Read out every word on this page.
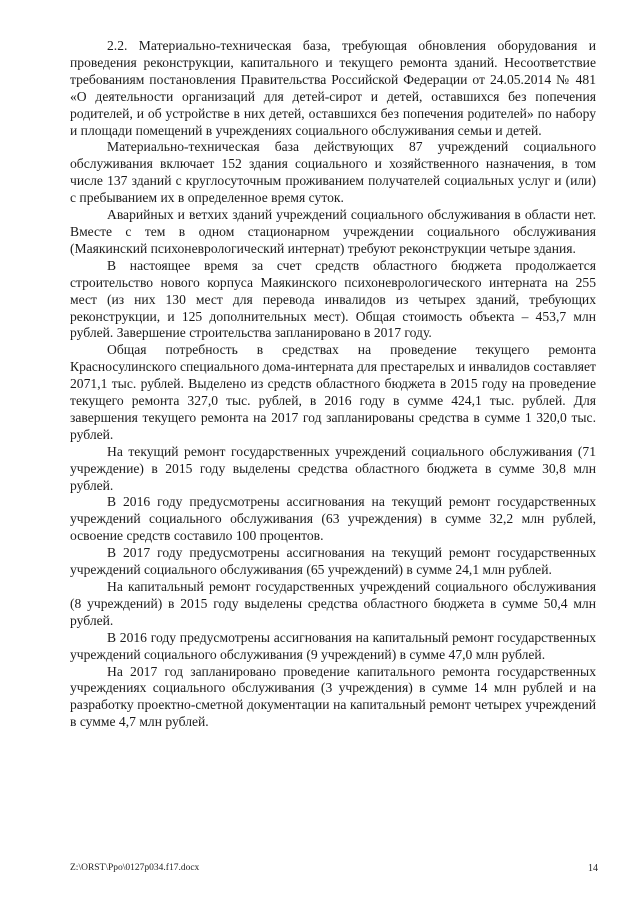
2.2. Материально-техническая база, требующая обновления оборудования и проведения реконструкции, капитального и текущего ремонта зданий. Несоответствие требованиям постановления Правительства Российской Федерации от 24.05.2014 № 481 «О деятельности организаций для детей-сирот и детей, оставшихся без попечения родителей, и об устройстве в них детей, оставшихся без попечения родителей» по набору и площади помещений в учреждениях социального обслуживания семьи и детей.

Материально-техническая база действующих 87 учреждений социального обслуживания включает 152 здания социального и хозяйственного назначения, в том числе 137 зданий с круглосуточным проживанием получателей социальных услуг и (или) с пребыванием их в определенное время суток.

Аварийных и ветхих зданий учреждений социального обслуживания в области нет. Вместе с тем в одном стационарном учреждении социального обслуживания (Маякинский психоневрологический интернат) требуют реконструкции четыре здания.

В настоящее время за счет средств областного бюджета продолжается строительство нового корпуса Маякинского психоневрологического интерната на 255 мест (из них 130 мест для перевода инвалидов из четырех зданий, требующих реконструкции, и 125 дополнительных мест). Общая стоимость объекта – 453,7 млн рублей. Завершение строительства запланировано в 2017 году.

Общая потребность в средствах на проведение текущего ремонта Красносулинского специального дома-интерната для престарелых и инвалидов составляет 2071,1 тыс. рублей. Выделено из средств областного бюджета в 2015 году на проведение текущего ремонта 327,0 тыс. рублей, в 2016 году в сумме 424,1 тыс. рублей. Для завершения текущего ремонта на 2017 год запланированы средства в сумме 1 320,0 тыс. рублей.

На текущий ремонт государственных учреждений социального обслуживания (71 учреждение) в 2015 году выделены средства областного бюджета в сумме 30,8 млн рублей.

В 2016 году предусмотрены ассигнования на текущий ремонт государственных учреждений социального обслуживания (63 учреждения) в сумме 32,2 млн рублей, освоение средств составило 100 процентов.

В 2017 году предусмотрены ассигнования на текущий ремонт государственных учреждений социального обслуживания (65 учреждений) в сумме 24,1 млн рублей.

На капитальный ремонт государственных учреждений социального обслуживания (8 учреждений) в 2015 году выделены средства областного бюджета в сумме 50,4 млн рублей.

В 2016 году предусмотрены ассигнования на капитальный ремонт государственных учреждений социального обслуживания (9 учреждений) в сумме 47,0 млн рублей.

На 2017 год запланировано проведение капитального ремонта государственных учреждениях социального обслуживания (3 учреждения) в сумме 14 млн рублей и на разработку проектно-сметной документации на капитальный ремонт четырех учреждений в сумме 4,7 млн рублей.

Z:\ORST\Ppo\0127p034.f17.docx	14
